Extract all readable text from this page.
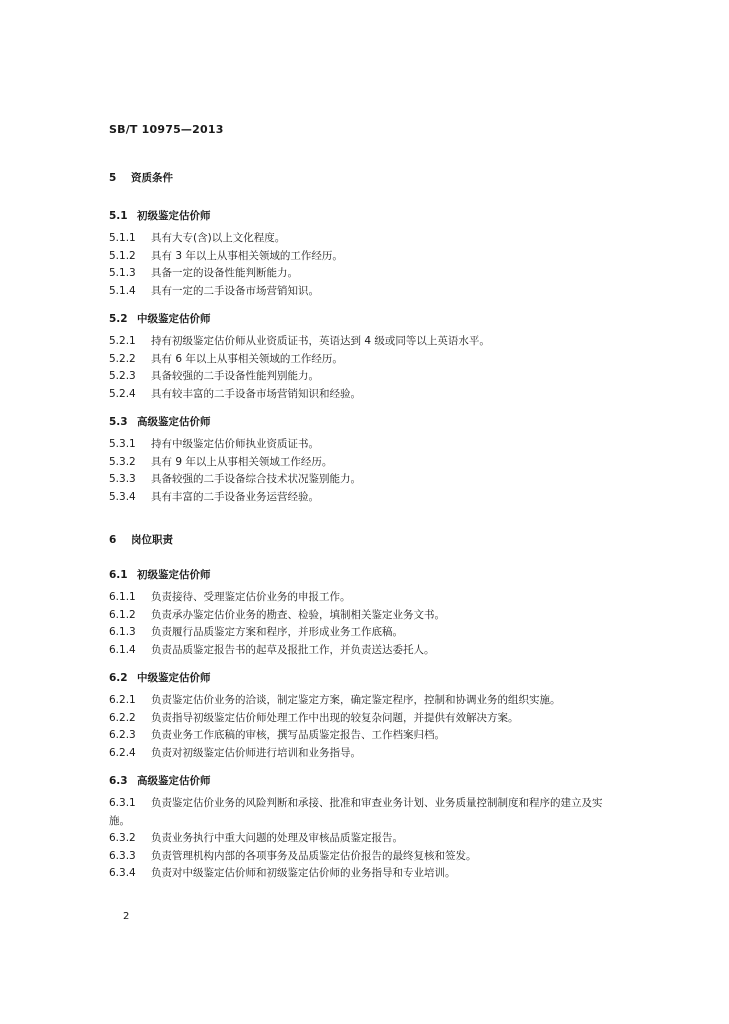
SB/T 10975—2013
5 资质条件
5.1 初级鉴定估价师
5.1.1 具有大专(含)以上文化程度。
5.1.2 具有 3 年以上从事相关领域的工作经历。
5.1.3 具备一定的设备性能判断能力。
5.1.4 具有一定的二手设备市场营销知识。
5.2 中级鉴定估价师
5.2.1 持有初级鉴定估价师从业资质证书，英语达到 4 级或同等以上英语水平。
5.2.2 具有 6 年以上从事相关领域的工作经历。
5.2.3 具备较强的二手设备性能判别能力。
5.2.4 具有较丰富的二手设备市场营销知识和经验。
5.3 高级鉴定估价师
5.3.1 持有中级鉴定估价师执业资质证书。
5.3.2 具有 9 年以上从事相关领域工作经历。
5.3.3 具备较强的二手设备综合技术状况鉴别能力。
5.3.4 具有丰富的二手设备业务运营经验。
6 岗位职责
6.1 初级鉴定估价师
6.1.1 负责接待、受理鉴定估价业务的申报工作。
6.1.2 负责承办鉴定估价业务的勘查、检验，填制相关鉴定业务文书。
6.1.3 负责履行品质鉴定方案和程序，并形成业务工作底稿。
6.1.4 负责品质鉴定报告书的起草及报批工作，并负责送达委托人。
6.2 中级鉴定估价师
6.2.1 负责鉴定估价业务的洽谈，制定鉴定方案，确定鉴定程序，控制和协调业务的组织实施。
6.2.2 负责指导初级鉴定估价师处理工作中出现的较复杂问题，并提供有效解决方案。
6.2.3 负责业务工作底稿的审核，撰写品质鉴定报告、工作档案归档。
6.2.4 负责对初级鉴定估价师进行培训和业务指导。
6.3 高级鉴定估价师
6.3.1 负责鉴定估价业务的风险判断和承接、批准和审查业务计划、业务质量控制制度和程序的建立及实施。
6.3.2 负责业务执行中重大问题的处理及审核品质鉴定报告。
6.3.3 负责管理机构内部的各项事务及品质鉴定估价报告的最终复核和签发。
6.3.4 负责对中级鉴定估价师和初级鉴定估价师的业务指导和专业培训。
2
